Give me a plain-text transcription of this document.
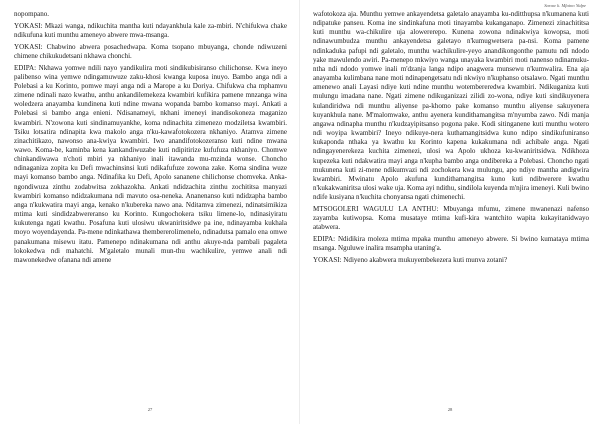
nopompano.

YOKASI: Mkazi wanga, ndikuchita mantha kuti ndayankhula kale za-mbiri. N'chifukwa chake ndikufuna kuti munthu ameneyo abwere mwa-msanga.

YOKASI: Chabwino abwera posachedwapa. Koma tsopano mbuyanga, chonde ndiwuzeni chimene chikukudetsani nkhawa chonchi.

EDIPA: Nkhawa yomwe ndili nayo yandikulira moti sindikubisiranso chilichonse. Kwa ineyo palibenso wina yemwe ndingamuwuze zaku-khosi kwanga kuposa inuyo. Bambo anga ndi a Polebasi a ku Korinto, pomwe mayi anga ndi a Marope a ku Doriya. Chifukwa cha mphamvu zimene ndinali nazo kwathu, anthu ankandilemekeza kwambiri kufikira pamene mnzanga wina woledzera anayamba kundinena kuti ndine mwana wopanda bambo komanso mayi. Ankati a Polebasi si bambo anga enieni. Ndisanameyi, nkhani imeneyi inandisokoneza maganizo kwambiri. N'zowona kuti sindinamuyankhe, koma ndinachita zimenezo modziletsa kwambiri. Tsiku lotsatira ndinapita kwa makolo anga n'ku-kawafotokozera nkhaniyo. Atamva zimene zinachitikazo, nawonso ana-kwiya kwambiri. Iwo anandifotokozeranso kuti ndine mwana wawo. Koma-be, kaminba kena kankandiwuzabe kuti ndipitirize kufufuza nkhaniyo. Chomwe chinkandiwawa n'choti mbiri ya nkhaniyo inali itawanda mu-mzinda wonse. Choncho ndinaganiza zopita ku Defi mwachinsinsi kuti ndikafufuze zowona zake. Koma sindina wuze mayi komanso bambo anga. Ndinafika ku Defi, Apolo sananene chilichonse chomveka. Anka-ngondiwuza zinthu zodabwitsa zokhazokha. Ankati ndidzachita zinthu zochititsa manyazi kwambiri komanso ndidzakumana ndi mavuto osa-neneka. Ananenanso kuti ndidzapha bambo anga n'kukwatira mayi anga, kenako n'kubereka nawo ana. Nditamva zimenezi, ndinatsimikiza mtima kuti sindidzabwereranso ku Korinto. Kungochokera tsiku limene-lo, ndinasiyiratu kukutenga ngati kwathu. Posafuna kuti ulosiwu ukwaniritsidwe pa ine, ndinayamba kukhala moyo woyendayenda. Pa-mene ndinkathawa thembererolimenelo, ndinadutsa pamalo ena omwe panakumana misewu itatu. Pamenepo ndinakumana ndi anthu akuye-nda pambali pagaleta lokokedwa ndi mahatchi. M'galetalo munali mun-thu wachikulire, yemwe anali ndi mawonekedwe ofanana ndi amene

27
Saraw k. Mfaino Yidpe

wafotokoza aja. Munthu yemwe ankayendetsa galetalo anayamba ku-nditthupsa n'kumanena kuti ndipatuke panseu. Koma ine sindinkafuna moti tinayamba kukanganapo. Zimenezi zinachititsa kuti munthu wa-chikulire uja alowererepo. Kunena zowona ndinakwiya kowopsa, moti ndinawumbudza munthu ankayendetsa galetayo n'kumugwetsera pa-nsi. Koma pamene ndinkaduka pafupi ndi galetalo, munthu wachikulire-yeyo anandikongonthe pamutu ndi ndodo yake mawulendo awiri. Pa-menepo mkwiyo wanga unayaka kwambiri moti nanenso ndinamuku-ntha ndi ndodo yomwe inali m'dzanja langa ndipo anagwera munsewu n'kumwalira. Ena aja anayamba kulimbana nane moti ndinapengetsatu ndi nkwiyo n'kuphanso otsalawo. Ngati munthu amenewo anali Layasi ndiye kuti ndine munthu wotembereredwa kwambiri. Ndikuganiza kuti mulungu imadana nane. Ngati zimene ndikuganizazi zilidi zo-wona, ndiye kuti sindikuyenera kulandiridwa ndi munthu aliyense pa-khomo pake komanso munthu aliyense sakuyenera kuyankhula nane. M'malomwake, anthu ayenera kundithamangitsa m'nyumba zawo. Ndi manja angawa ndinapha munthu n'kudzayipitsanso pogona pake. Kodi sitinganene kuti munthu wotero ndi woyipa kwambiri? Ineyo ndikuye-nera kuthamangitsidwa kuno ndipo sindikufuniranso kukaponda nthaka ya kwathu ku Korinto kapena kukakumana ndi achibale anga. Ngati ndingayenerekeza kuchita zimenezi, ulosi wa Apolo ukhoza ku-kwaniritsidwa. Ndikhoza kupezeka kuti ndakwatira mayi anga n'kupha bambo anga ondibereka a Polebasi. Choncho ngati mukunena kuti zi-mene ndikumvazi ndi zochokera kwa mulungu, apo ndiye mantha andigwira kwambiri. Mwinatu Apolo akufuna kundithamangitsa kuno kuti ndibwerere kwathu n'kukakwaniritsa ulosi wake uja. Koma ayi ndithu, sindilola kuyenda m'njira imeneyi. Kuli bwino ndife kusiyana n'kuchita chonyansa ngati chimenechi.

MTSOGOLERI WAGULU LA ANTHU: Mbuyanga mfumu, zimene mwanenazi nafenso zayamba kutiwopsa. Koma musataye mtima kufi-kira wantchito wapita kukayitanidwayo atabwera.

EDIPA: Ndidikira moleza mtima mpaka munthu ameneyo abwere. Si bwino kumataya mtima msanga. Nguluwe inalira msampha utaning'a.

YOKASI: Ndiyeno akabwera mukuyembekezera kuti munva zotani?

28
